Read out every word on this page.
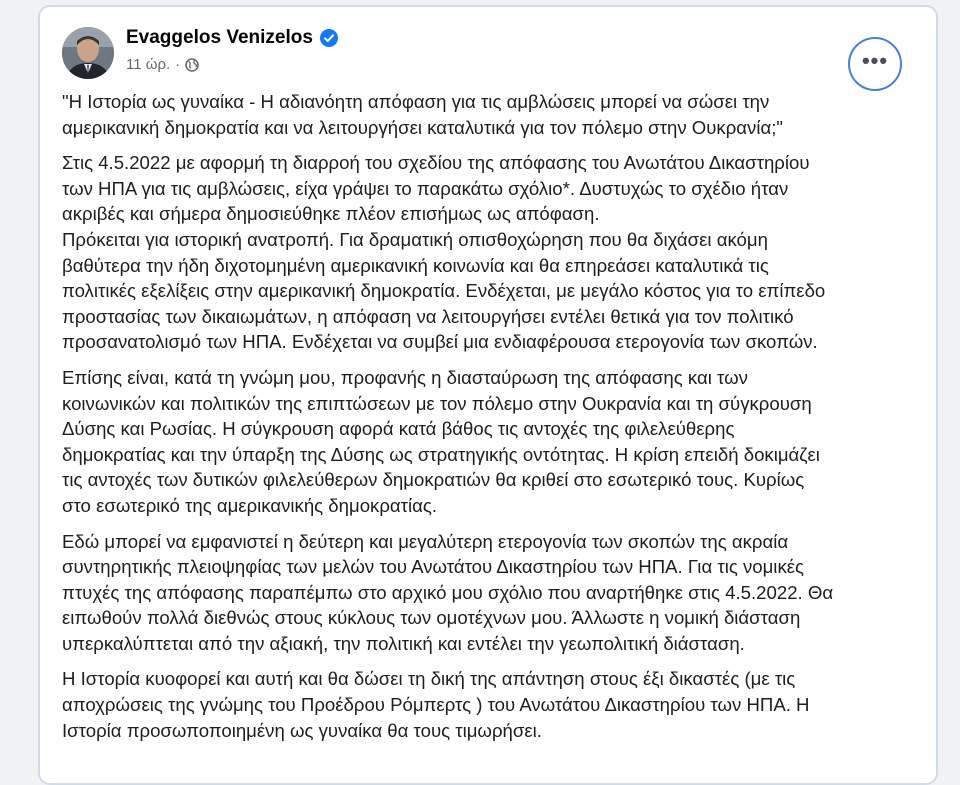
Evaggelos Venizelos
11 ώρ. ·	•••

"Η Ιστορία ως γυναίκα - Η αδιανόητη απόφαση για τις αμβλώσεις μπορεί να σώσει την
αμερικανική δημοκρατία και να λειτουργήσει καταλυτικά για τον πόλεμο στην Ουκρανία;"

Στις 4.5.2022 με αφορμή τη διαρροή του σχεδίου της απόφασης του Ανωτάτου Δικαστηρίου
των ΗΠΑ για τις αμβλώσεις, είχα γράψει το παρακάτω σχόλιο*. Δυστυχώς το σχέδιο ήταν
ακριβές και σήμερα δημοσιεύθηκε πλέον επισήμως ως απόφαση.
Πρόκειται για ιστορική ανατροπή. Για δραματική οπισθοχώρηση που θα διχάσει ακόμη
βαθύτερα την ήδη διχοτομημένη αμερικανική κοινωνία και θα επηρεάσει καταλυτικά τις
πολιτικές εξελίξεις στην αμερικανική δημοκρατία. Ενδέχεται, με μεγάλο κόστος για το επίπεδο
προστασίας των δικαιωμάτων, η απόφαση να λειτουργήσει εντέλει θετικά για τον πολιτικό
προσανατολισμό των ΗΠΑ. Ενδέχεται να συμβεί μια ενδιαφέρουσα ετερογονία των σκοπών.

Επίσης είναι, κατά τη γνώμη μου, προφανής η διασταύρωση της απόφασης και των
κοινωνικών και πολιτικών της επιπτώσεων με τον πόλεμο στην Ουκρανία και τη σύγκρουση
Δύσης και Ρωσίας. Η σύγκρουση αφορά κατά βάθος τις αντοχές της φιλελεύθερης
δημοκρατίας και την ύπαρξη της Δύσης ως στρατηγικής οντότητας. Η κρίση επειδή δοκιμάζει
τις αντοχές των δυτικών φιλελεύθερων δημοκρατιών θα κριθεί στο εσωτερικό τους. Κυρίως
στο εσωτερικό της αμερικανικής δημοκρατίας.

Εδώ μπορεί να εμφανιστεί η δεύτερη και μεγαλύτερη ετερογονία των σκοπών της ακραία
συντηρητικής πλειοψηφίας των μελών του Ανωτάτου Δικαστηρίου των ΗΠΑ. Για τις νομικές
πτυχές της απόφασης παραπέμπω στο αρχικό μου σχόλιο που αναρτήθηκε στις 4.5.2022. Θα
ειπωθούν πολλά διεθνώς στους κύκλους των ομοτέχνων μου. Άλλωστε η νομική διάσταση
υπερκαλύπτεται από την αξιακή, την πολιτική και εντέλει την γεωπολιτική διάσταση.

Η Ιστορία κυοφορεί και αυτή και θα δώσει τη δική της απάντηση στους έξι δικαστές (με τις
αποχρώσεις της γνώμης του Προέδρου Ρόμπερτς ) του Ανωτάτου Δικαστηρίου των ΗΠΑ. Η
Ιστορία προσωποποιημένη ως γυναίκα θα τους τιμωρήσει.
